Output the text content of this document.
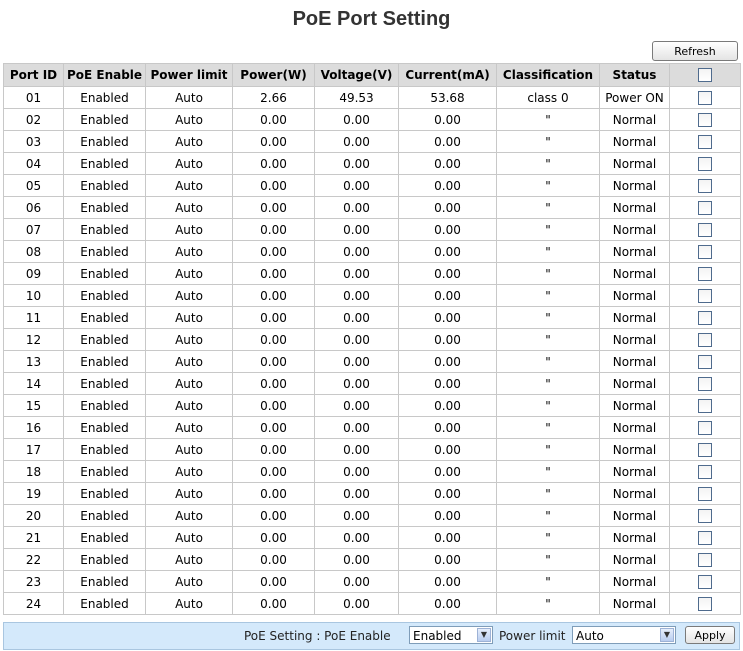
PoE Port Setting
Refresh
Port ID	PoE Enable	Power limit	Power(W)	Voltage(V)	Current(mA)	Classification	Status	
01	Enabled	Auto	2.66	49.53	53.68	class 0	Power ON	
02	Enabled	Auto	0.00	0.00	0.00	"	Normal	
03	Enabled	Auto	0.00	0.00	0.00	"	Normal	
04	Enabled	Auto	0.00	0.00	0.00	"	Normal	
05	Enabled	Auto	0.00	0.00	0.00	"	Normal	
06	Enabled	Auto	0.00	0.00	0.00	"	Normal	
07	Enabled	Auto	0.00	0.00	0.00	"	Normal	
08	Enabled	Auto	0.00	0.00	0.00	"	Normal	
09	Enabled	Auto	0.00	0.00	0.00	"	Normal	
10	Enabled	Auto	0.00	0.00	0.00	"	Normal	
11	Enabled	Auto	0.00	0.00	0.00	"	Normal	
12	Enabled	Auto	0.00	0.00	0.00	"	Normal	
13	Enabled	Auto	0.00	0.00	0.00	"	Normal	
14	Enabled	Auto	0.00	0.00	0.00	"	Normal	
15	Enabled	Auto	0.00	0.00	0.00	"	Normal	
16	Enabled	Auto	0.00	0.00	0.00	"	Normal	
17	Enabled	Auto	0.00	0.00	0.00	"	Normal	
18	Enabled	Auto	0.00	0.00	0.00	"	Normal	
19	Enabled	Auto	0.00	0.00	0.00	"	Normal	
20	Enabled	Auto	0.00	0.00	0.00	"	Normal	
21	Enabled	Auto	0.00	0.00	0.00	"	Normal	
22	Enabled	Auto	0.00	0.00	0.00	"	Normal	
23	Enabled	Auto	0.00	0.00	0.00	"	Normal	
24	Enabled	Auto	0.00	0.00	0.00	"	Normal	
PoE Setting : PoE Enable	Enabled	▼ Power limit Auto	▼	Apply
